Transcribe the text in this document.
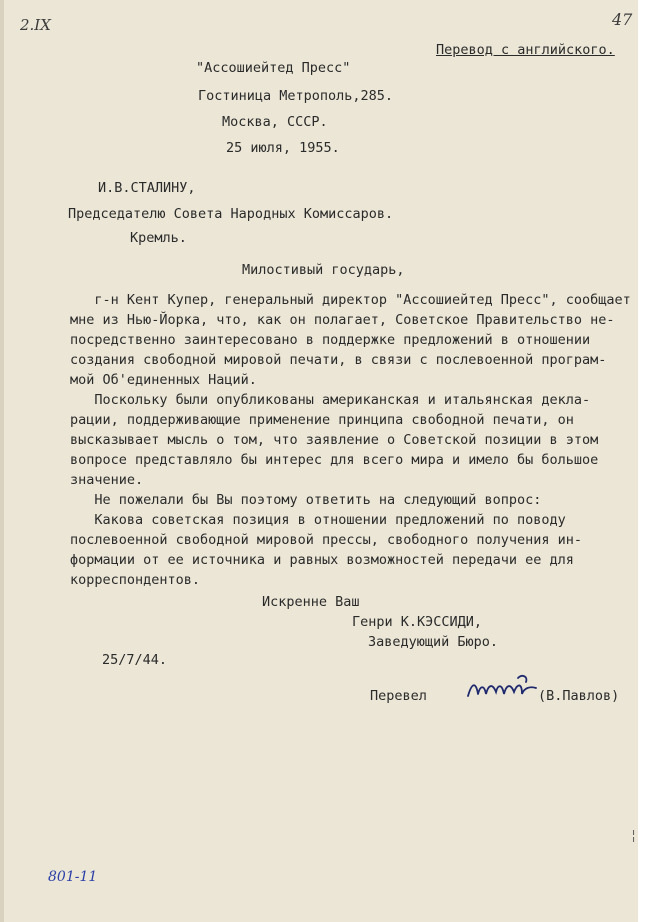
2.IX	47
801-11
Перевод с английского.
"Ассошиейтед Пресс"
Гостиница Метрополь,285.
Москва, СССР.
25 июля, 1955.
И.В.СТАЛИНУ,
Председателю Совета Народных Комиссаров.
Кремль.
Милостивый государь,
г-н Кент Купер, генеральный директор "Ассошиейтед Пресс", сообщает
мне из Нью-Йорка, что, как он полагает, Советское Правительство не-
посредственно заинтересовано в поддержке предложений в отношении
создания свободной мировой печати, в связи с послевоенной програм-
мой Об'единенных Наций.
Поскольку были опубликованы американская и итальянская декла-
рации, поддерживающие применение принципа свободной печати, он
высказывает мысль о том, что заявление о Советской позиции в этом
вопросе представляло бы интерес для всего мира и имело бы большое
значение.
Не пожелали бы Вы поэтому ответить на следующий вопрос:
Какова советская позиция в отношении предложений по поводу
послевоенной свободной мировой прессы, свободного получения ин-
формации от ее источника и равных возможностей передачи ее для
корреспондентов.
Искренне Ваш
Генри К.КЭССИДИ,
Заведующий Бюро.
25/7/44.
Перевел	(В.Павлов)
╎
